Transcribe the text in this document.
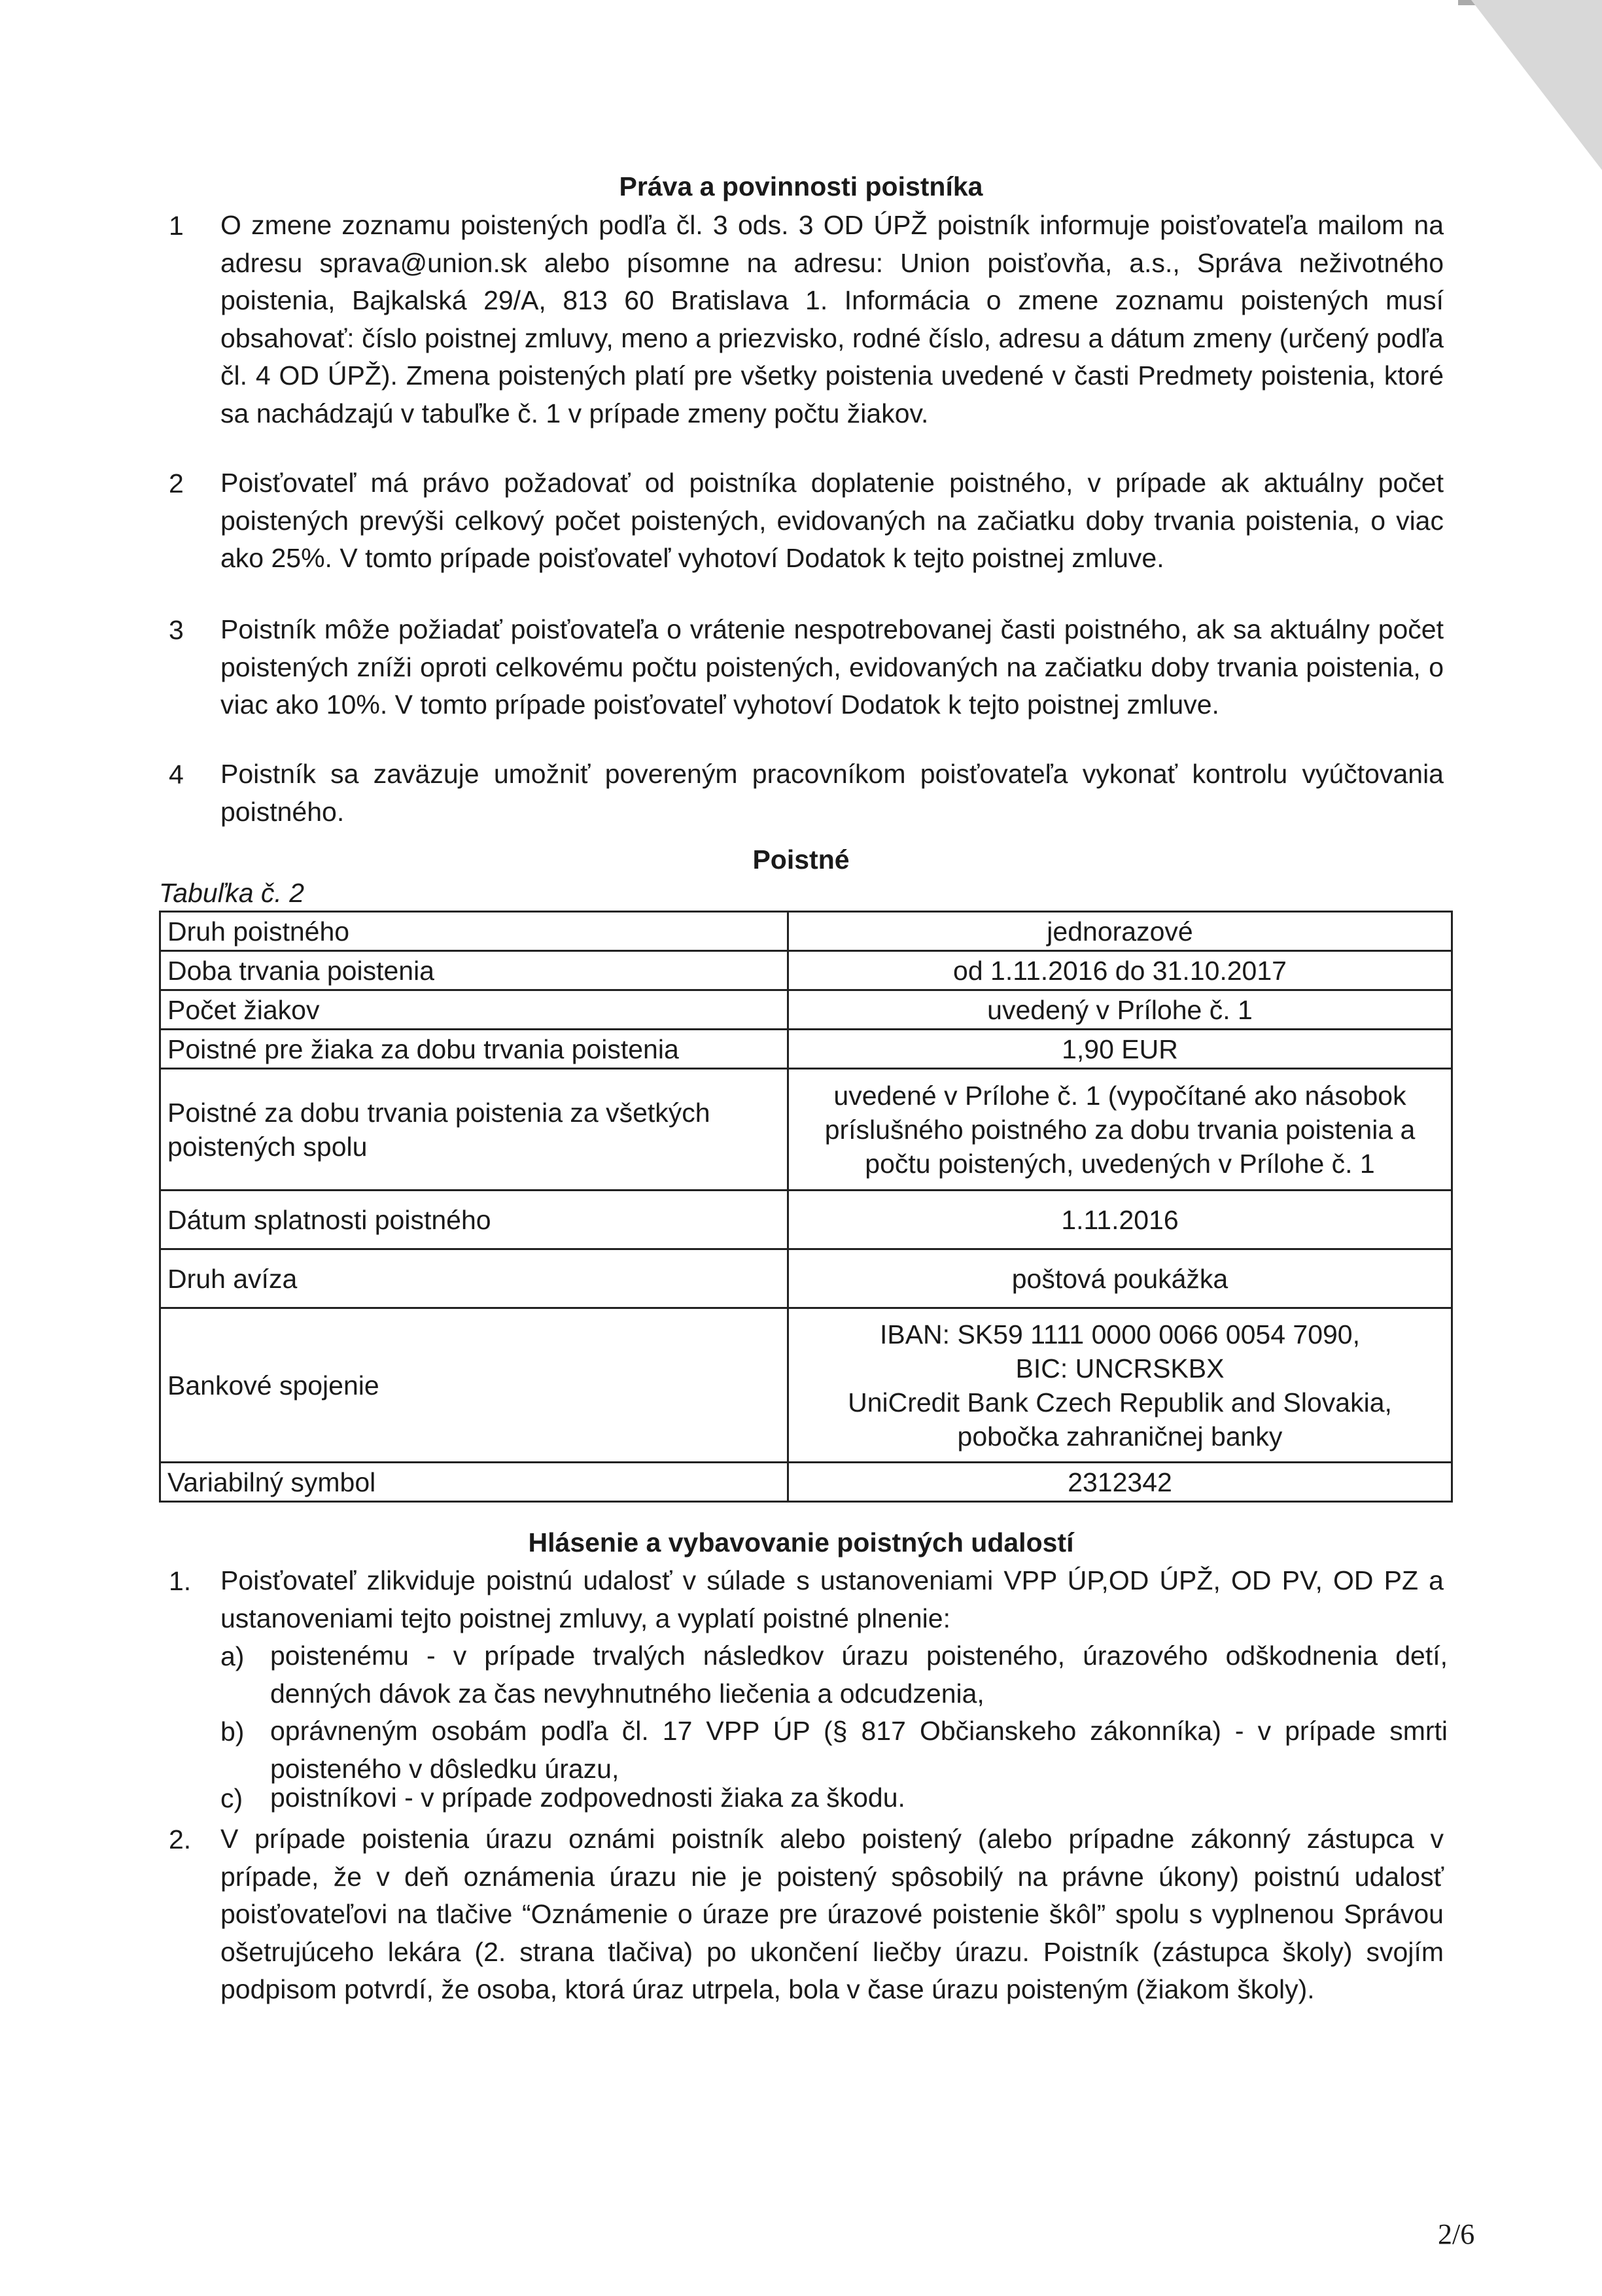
Práva a povinnosti poistníka
1 O zmene zoznamu poistených podľa čl. 3 ods. 3 OD ÚPŽ poistník informuje poisťovateľa mailom na adresu sprava@union.sk alebo písomne na adresu: Union poisťovňa, a.s., Správa neživotného poistenia, Bajkalská 29/A, 813 60 Bratislava 1. Informácia o zmene zoznamu poistených musí obsahovať: číslo poistnej zmluvy, meno a priezvisko, rodné číslo, adresu a dátum zmeny (určený podľa čl. 4 OD ÚPŽ). Zmena poistených platí pre všetky poistenia uvedené v časti Predmety poistenia, ktoré sa nachádzajú v tabuľke č. 1 v prípade zmeny počtu žiakov.
2 Poisťovateľ má právo požadovať od poistníka doplatenie poistného, v prípade ak aktuálny počet poistených prevýši celkový počet poistených, evidovaných na začiatku doby trvania poistenia, o viac ako 25%. V tomto prípade poisťovateľ vyhotoví Dodatok k tejto poistnej zmluve.
3 Poistník môže požiadať poisťovateľa o vrátenie nespotrebovanej časti poistného, ak sa aktuálny počet poistených zníži oproti celkovému počtu poistených, evidovaných na začiatku doby trvania poistenia, o viac ako 10%. V tomto prípade poisťovateľ vyhotoví Dodatok k tejto poistnej zmluve.
4 Poistník sa zaväzuje umožniť povereným pracovníkom poisťovateľa vykonať kontrolu vyúčtovania poistného.
Poistné
Tabuľka č. 2
Druh poistného	jednorazové
Doba trvania poistenia	od 1.11.2016 do 31.10.2017
Počet žiakov	uvedený v Prílohe č. 1
Poistné pre žiaka za dobu trvania poistenia	1,90 EUR
Poistné za dobu trvania poistenia za všetkých
poistených spolu	uvedené v Prílohe č. 1 (vypočítané ako násobok
príslušného poistného za dobu trvania poistenia a
počtu poistených, uvedených v Prílohe č. 1
Dátum splatnosti poistného	1.11.2016
Druh avíza	poštová poukážka
Bankové spojenie	IBAN: SK59 1111 0000 0066 0054 7090,
BIC: UNCRSKBX
UniCredit Bank Czech Republik and Slovakia,
pobočka zahraničnej banky
Variabilný symbol	2312342
Hlásenie a vybavovanie poistných udalostí
1. Poisťovateľ zlikviduje poistnú udalosť v súlade s ustanoveniami VPP ÚP,OD ÚPŽ, OD PV, OD PZ a ustanoveniami tejto poistnej zmluvy, a vyplatí poistné plnenie:
a) poistenému - v prípade trvalých následkov úrazu poisteného, úrazového odškodnenia detí, denných dávok za čas nevyhnutného liečenia a odcudzenia,
b) oprávneným osobám podľa čl. 17 VPP ÚP (§ 817 Občianskeho zákonníka) - v prípade smrti poisteného v dôsledku úrazu,
c) poistníkovi - v prípade zodpovednosti žiaka za škodu.
2. V prípade poistenia úrazu oznámi poistník alebo poistený (alebo prípadne zákonný zástupca v prípade, že v deň oznámenia úrazu nie je poistený spôsobilý na právne úkony) poistnú udalosť poisťovateľovi na tlačive “Oznámenie o úraze pre úrazové poistenie škôl” spolu s vyplnenou Správou ošetrujúceho lekára (2. strana tlačiva) po ukončení liečby úrazu. Poistník (zástupca školy) svojím podpisom potvrdí, že osoba, ktorá úraz utrpela, bola v čase úrazu poisteným (žiakom školy).
2/6
